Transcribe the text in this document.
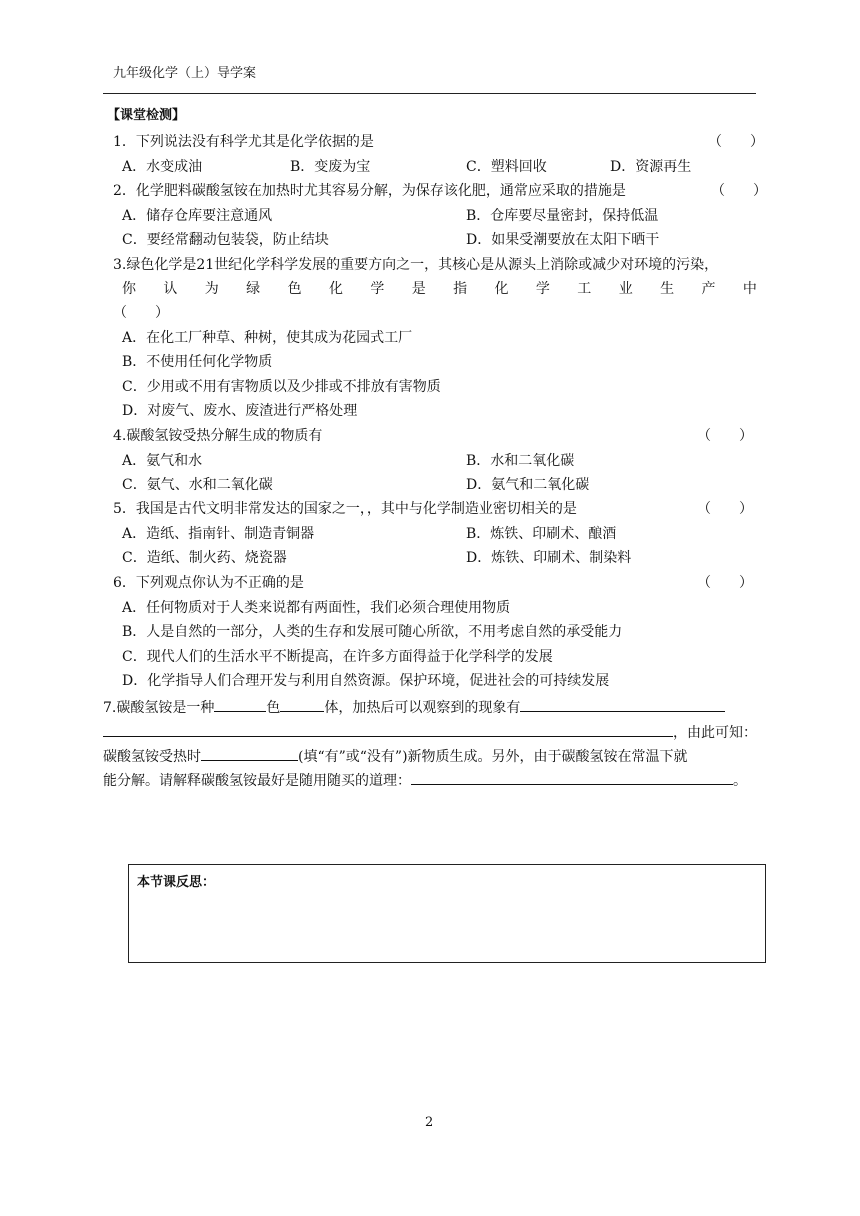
九年级化学（上）导学案
【课堂检测】
1．下列说法没有科学尤其是化学依据的是	（　　）
A．水变成油	B．变废为宝	C．塑料回收	D．资源再生
2．化学肥料碳酸氢铵在加热时尤其容易分解，为保存该化肥，通常应采取的措施是	（　　）
A．储存仓库要注意通风	B．仓库要尽量密封，保持低温
C．要经常翻动包装袋，防止结块	D．如果受潮要放在太阳下晒干
3.绿色化学是21世纪化学科学发展的重要方向之一，其核心是从源头上消除或减少对环境的污染，
你 认 为 绿 色 化 学 是 指 化 学 工 业 生 产 中
（　　）
A．在化工厂种草、种树，使其成为花园式工厂
B．不使用任何化学物质
C．少用或不用有害物质以及少排或不排放有害物质
D．对废气、废水、废渣进行严格处理
4.碳酸氢铵受热分解生成的物质有	（　　）
A．氨气和水	B．水和二氧化碳
C．氨气、水和二氧化碳	D．氨气和二氧化碳
5．我国是古代文明非常发达的国家之一，，其中与化学制造业密切相关的是	（　　）
A．造纸、指南针、制造青铜器	B．炼铁、印刷术、酿酒
C．造纸、制火药、烧瓷器	D．炼铁、印刷术、制染料
6．下列观点你认为不正确的是	（　　）
A．任何物质对于人类来说都有两面性，我们必须合理使用物质
B．人是自然的一部分，人类的生存和发展可随心所欲，不用考虑自然的承受能力
C．现代人们的生活水平不断提高，在许多方面得益于化学科学的发展
D．化学指导人们合理开发与利用自然资源。保护环境，促进社会的可持续发展
7.碳酸氢铵是一种	色	体，加热后可以观察到的现象有
，由此可知：
碳酸氢铵受热时	(填“有”或“没有”)新物质生成。另外，由于碳酸氢铵在常温下就
能分解。请解释碳酸氢铵最好是随用随买的道理：	。
本节课反思：
2
